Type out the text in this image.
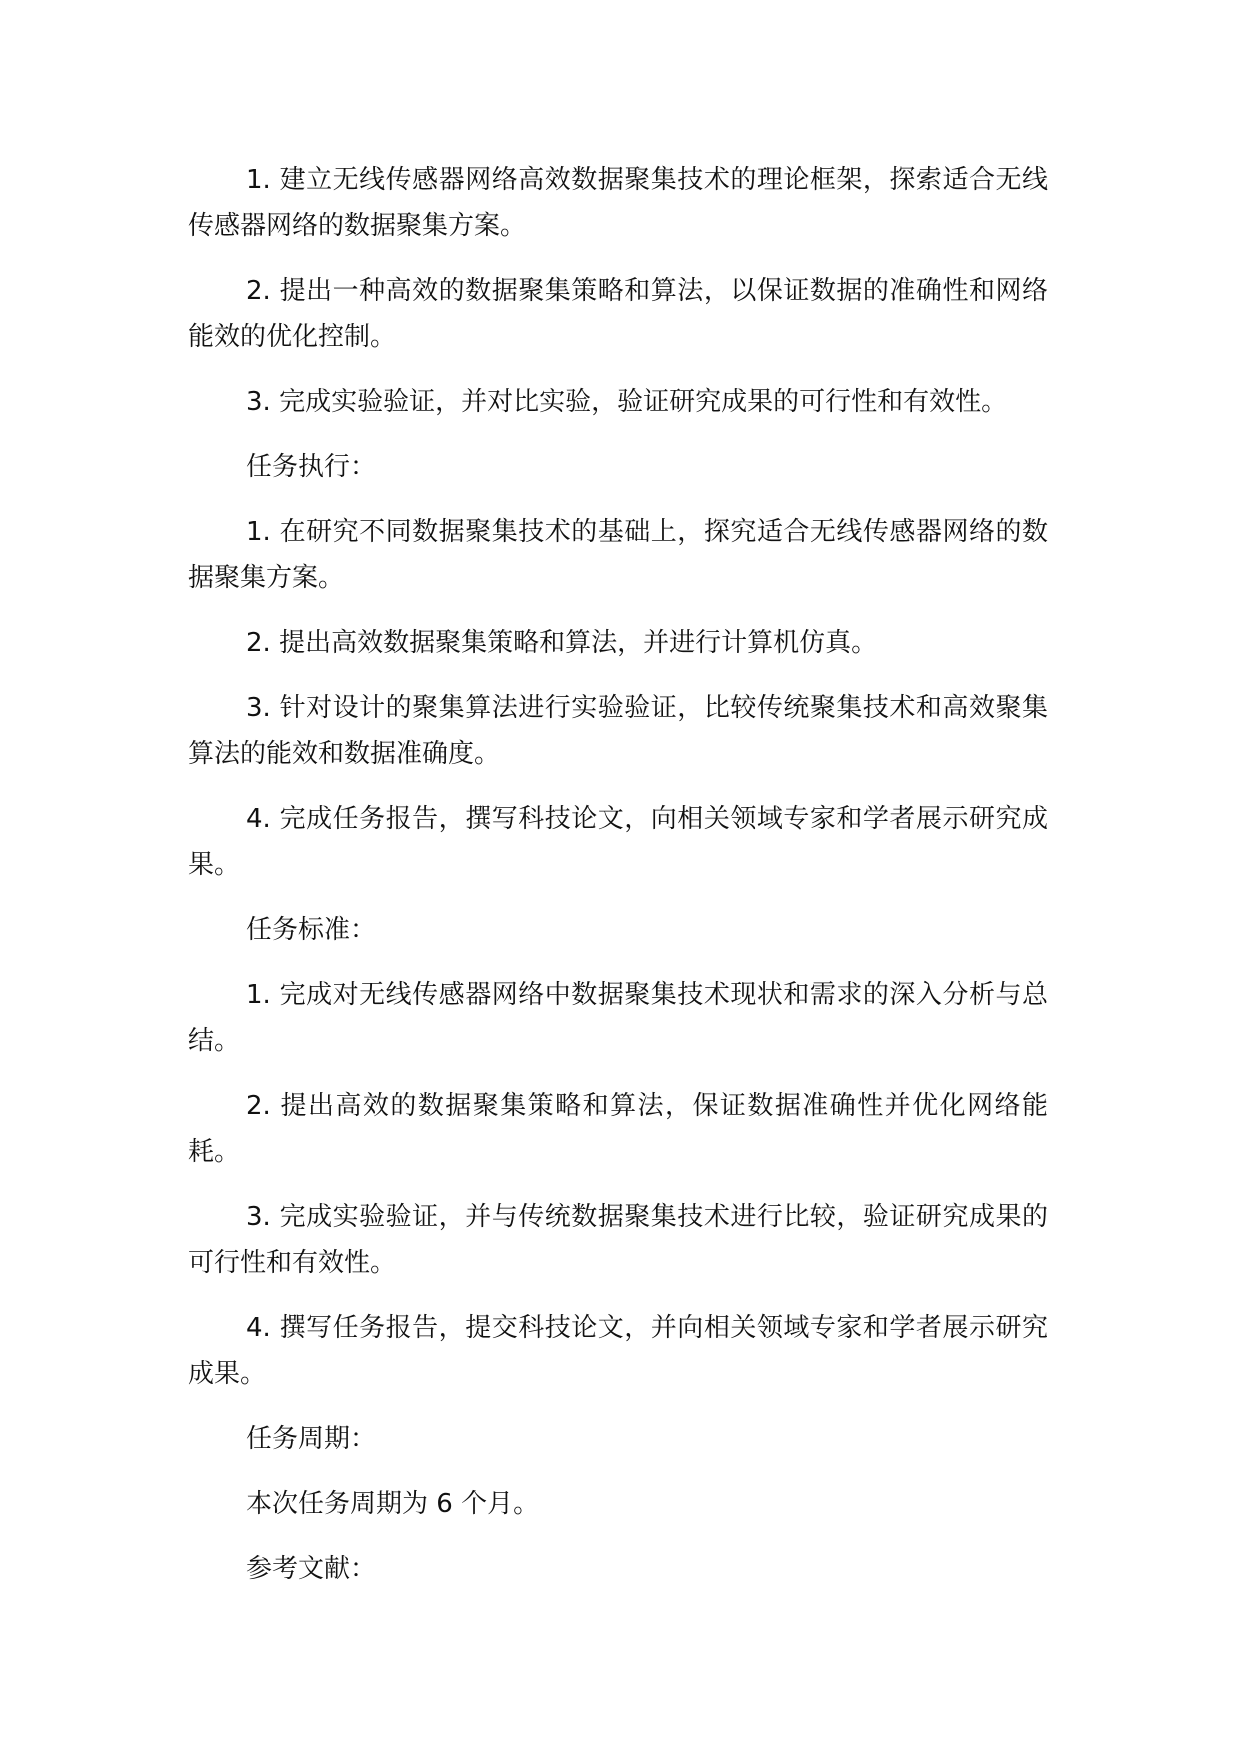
1. 建立无线传感器网络高效数据聚集技术的理论框架，探索适合无线传感器网络的数据聚集方案。

2. 提出一种高效的数据聚集策略和算法，以保证数据的准确性和网络能效的优化控制。

3. 完成实验验证，并对比实验，验证研究成果的可行性和有效性。

任务执行：

1. 在研究不同数据聚集技术的基础上，探究适合无线传感器网络的数据聚集方案。

2. 提出高效数据聚集策略和算法，并进行计算机仿真。

3. 针对设计的聚集算法进行实验验证，比较传统聚集技术和高效聚集算法的能效和数据准确度。

4. 完成任务报告，撰写科技论文，向相关领域专家和学者展示研究成果。

任务标准：

1. 完成对无线传感器网络中数据聚集技术现状和需求的深入分析与总结。

2. 提出高效的数据聚集策略和算法，保证数据准确性并优化网络能耗。

3. 完成实验验证，并与传统数据聚集技术进行比较，验证研究成果的可行性和有效性。

4. 撰写任务报告，提交科技论文，并向相关领域专家和学者展示研究成果。

任务周期：

本次任务周期为 6 个月。

参考文献：
